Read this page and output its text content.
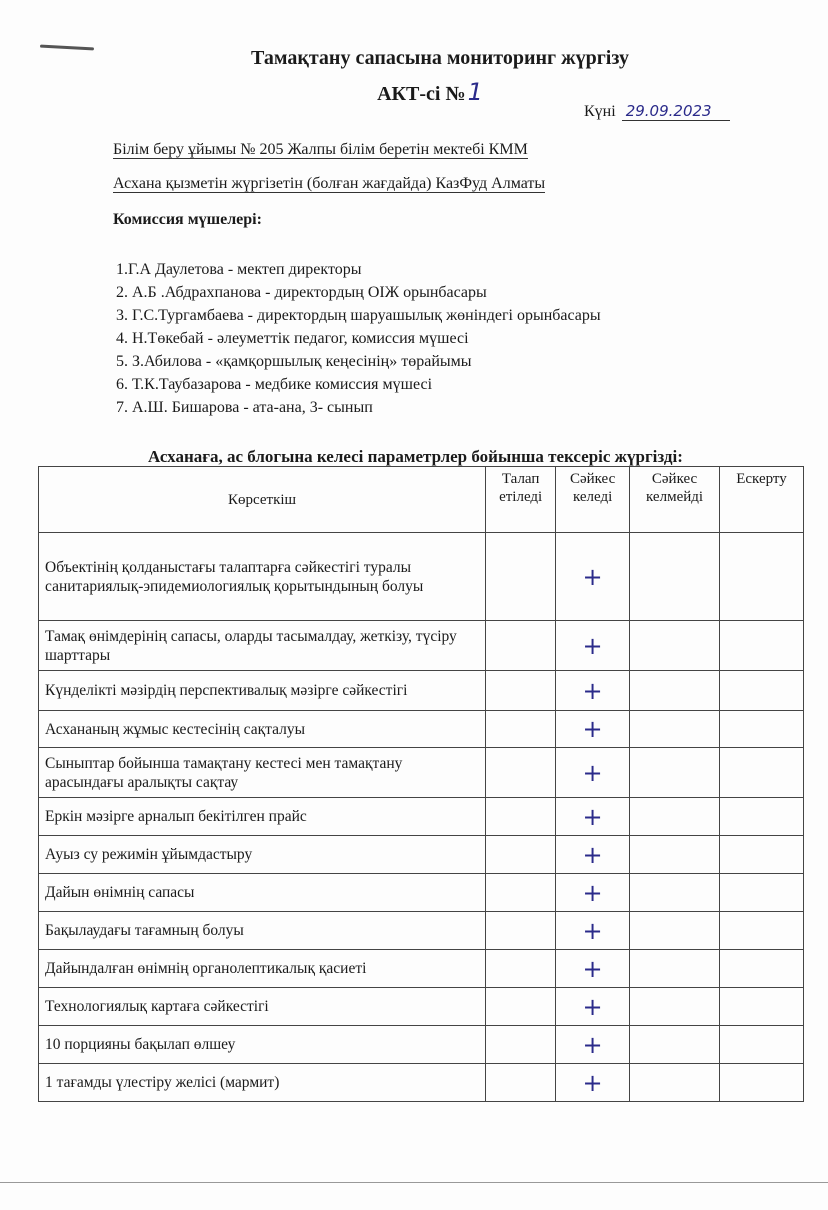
Тамақтану сапасына мониторинг жүргізу
АКТ-сі №1
Күні 29.09.2023
Білім беру ұйымы № 205 Жалпы білім беретін мектебі КММ
Асхана қызметін жүргізетін (болған жағдайда) КазФуд Алматы
Комиссия мүшелері:
1.Г.А Даулетова - мектеп директоры
2. А.Б .Абдрахпанова - директордың ОІЖ орынбасары
3. Г.С.Тургамбаева - директордың шаруашылық жөніндегі орынбасары
4. Н.Төкебай - әлеуметтік педагог, комиссия мүшесі
5. З.Абилова - «қамқоршылық кеңесінің» төрайымы
6. Т.К.Таубазарова - медбике комиссия мүшесі
7. А.Ш. Бишарова - ата-ана, 3- сынып
Асханаға, ас блогына келесі параметрлер бойынша тексеріс жүргізді:
Көрсеткіш	Талап етіледі	Сәйкес келеді	Сәйкес келмейді	Ескерту
Объектінің қолданыстағы талаптарға сәйкестігі туралы санитариялық-эпидемиологиялық қорытындының болуы		+		
Тамақ өнімдерінің сапасы, оларды тасымалдау, жеткізу, түсіру шарттары		+		
Күнделікті мәзірдің перспективалық мәзірге сәйкестігі		+		
Асхананың жұмыс кестесінің сақталуы		+		
Сыныптар бойынша тамақтану кестесі мен тамақтану арасындағы аралықты сақтау		+		
Еркін мәзірге арналып бекітілген прайс		+		
Ауыз су режимін ұйымдастыру		+		
Дайын өнімнің сапасы		+		
Бақылаудағы тағамның болуы		+		
Дайындалған өнімнің органолептикалық қасиеті		+		
Технологиялық картаға сәйкестігі		+		
10 порцияны бақылап өлшеу		+		
1 тағамды үлестіру желісі (мармит)		+		
